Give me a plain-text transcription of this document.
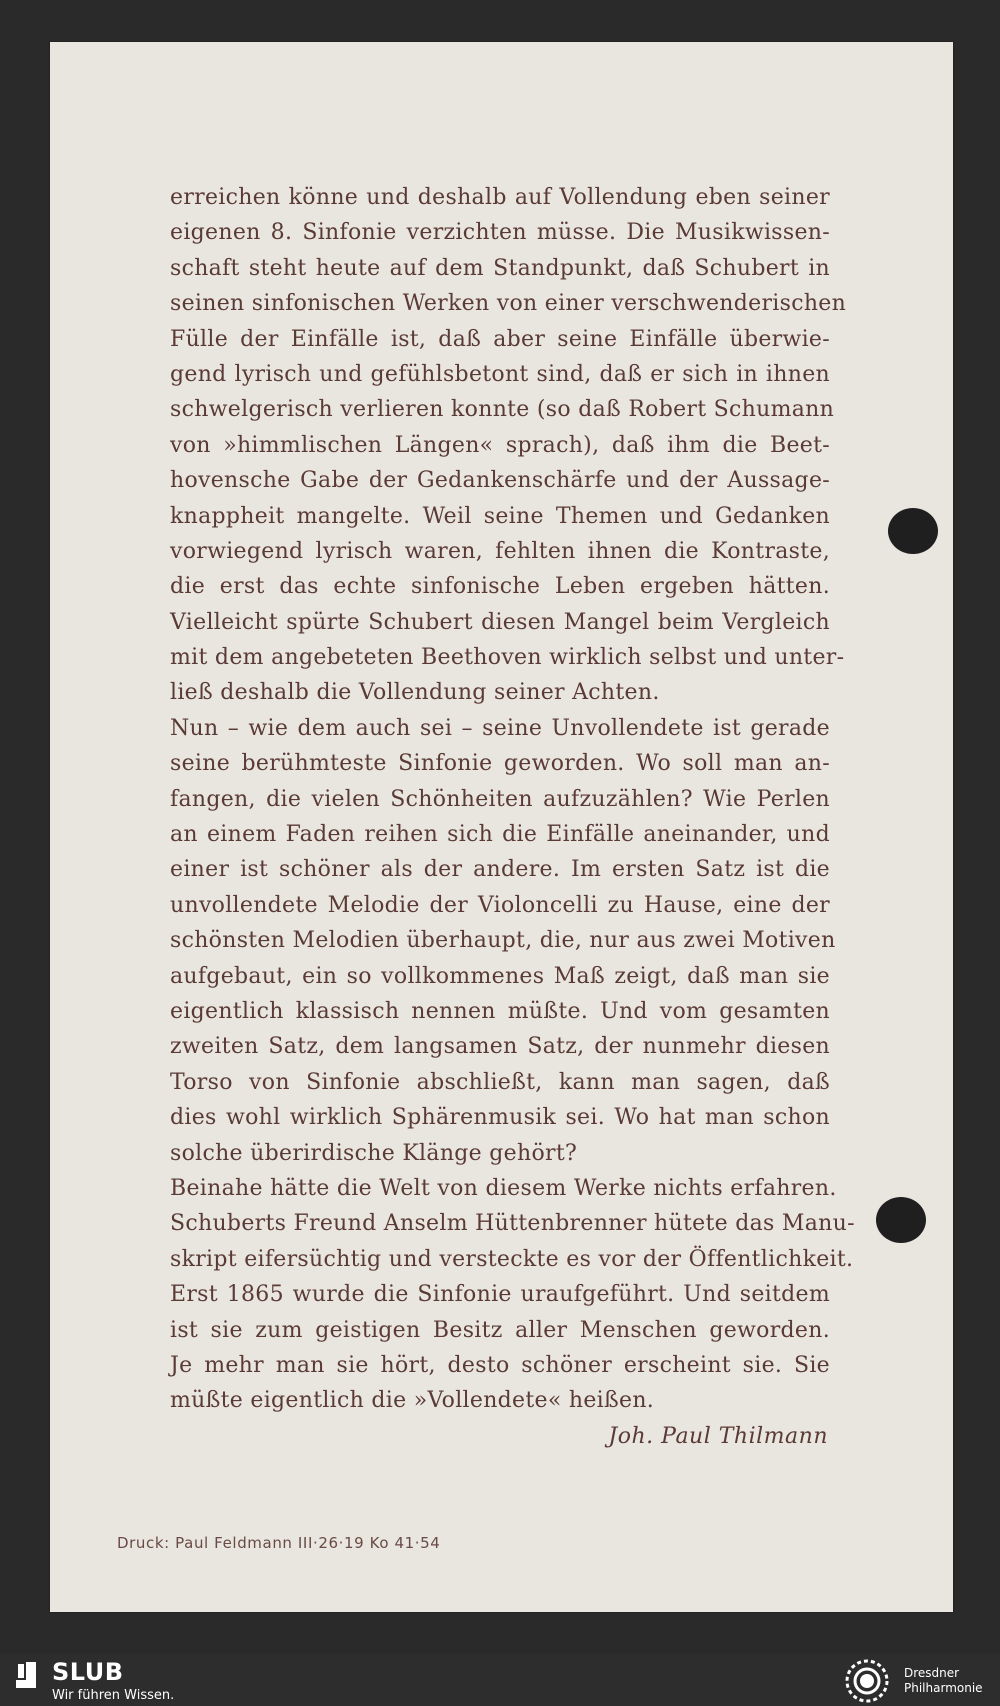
erreichen könne und deshalb auf Vollendung eben seiner
eigenen 8. Sinfonie verzichten müsse. Die Musikwissen-
schaft steht heute auf dem Standpunkt, daß Schubert in
seinen sinfonischen Werken von einer verschwenderischen
Fülle der Einfälle ist, daß aber seine Einfälle überwie-
gend lyrisch und gefühlsbetont sind, daß er sich in ihnen
schwelgerisch verlieren konnte (so daß Robert Schumann
von »himmlischen Längen« sprach), daß ihm die Beet-
hovensche Gabe der Gedankenschärfe und der Aussage-
knappheit mangelte. Weil seine Themen und Gedanken
vorwiegend lyrisch waren, fehlten ihnen die Kontraste,
die erst das echte sinfonische Leben ergeben hätten.
Vielleicht spürte Schubert diesen Mangel beim Vergleich
mit dem angebeteten Beethoven wirklich selbst und unter-
ließ deshalb die Vollendung seiner Achten.
Nun – wie dem auch sei – seine Unvollendete ist gerade
seine berühmteste Sinfonie geworden. Wo soll man an-
fangen, die vielen Schönheiten aufzuzählen? Wie Perlen
an einem Faden reihen sich die Einfälle aneinander, und
einer ist schöner als der andere. Im ersten Satz ist die
unvollendete Melodie der Violoncelli zu Hause, eine der
schönsten Melodien überhaupt, die, nur aus zwei Motiven
aufgebaut, ein so vollkommenes Maß zeigt, daß man sie
eigentlich klassisch nennen müßte. Und vom gesamten
zweiten Satz, dem langsamen Satz, der nunmehr diesen
Torso von Sinfonie abschließt, kann man sagen, daß
dies wohl wirklich Sphärenmusik sei. Wo hat man schon
solche überirdische Klänge gehört?
Beinahe hätte die Welt von diesem Werke nichts erfahren.
Schuberts Freund Anselm Hüttenbrenner hütete das Manu-
skript eifersüchtig und versteckte es vor der Öffentlichkeit.
Erst 1865 wurde die Sinfonie uraufgeführt. Und seitdem
ist sie zum geistigen Besitz aller Menschen geworden.
Je mehr man sie hört, desto schöner erscheint sie. Sie
müßte eigentlich die »Vollendete« heißen.
Joh. Paul Thilmann
Druck: Paul Feldmann III·26·19 Ko 41·54
SLUB
Wir führen Wissen.
Dresdner
Philharmonie
